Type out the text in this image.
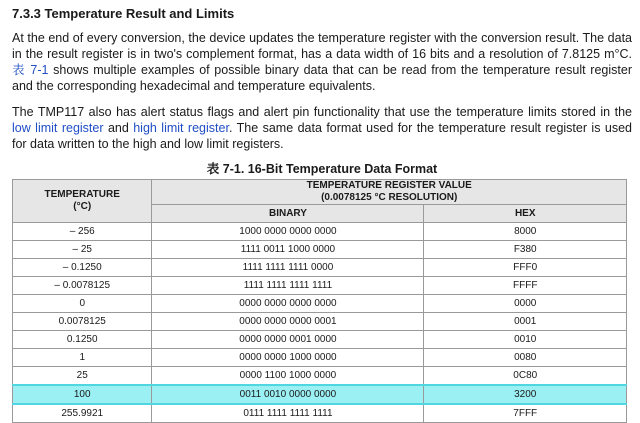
7.3.3 Temperature Result and Limits

At the end of every conversion, the device updates the temperature register with the conversion result. The data in the result register is in two's complement format, has a data width of 16 bits and a resolution of 7.8125 m°C. 表 7-1 shows multiple examples of possible binary data that can be read from the temperature result register and the corresponding hexadecimal and temperature equivalents.

The TMP117 also has alert status flags and alert pin functionality that use the temperature limits stored in the low limit register and high limit register. The same data format used for the temperature result register is used for data written to the high and low limit registers.

表 7-1. 16-Bit Temperature Data Format
TEMPERATURE
(°C)	TEMPERATURE REGISTER VALUE
(0.0078125 °C RESOLUTION)	
	BINARY	HEX
– 256	1000 0000 0000 0000	8000
– 25	1111 0011 1000 0000	F380
– 0.1250	1111 1111 1111 0000	FFF0
– 0.0078125	1111 1111 1111 1111	FFFF
0	0000 0000 0000 0000	0000
0.0078125	0000 0000 0000 0001	0001
0.1250	0000 0000 0001 0000	0010
1	0000 0000 1000 0000	0080
25	0000 1100 1000 0000	0C80
100	0011 0010 0000 0000	3200
255.9921	0111 1111 1111 1111	7FFF
